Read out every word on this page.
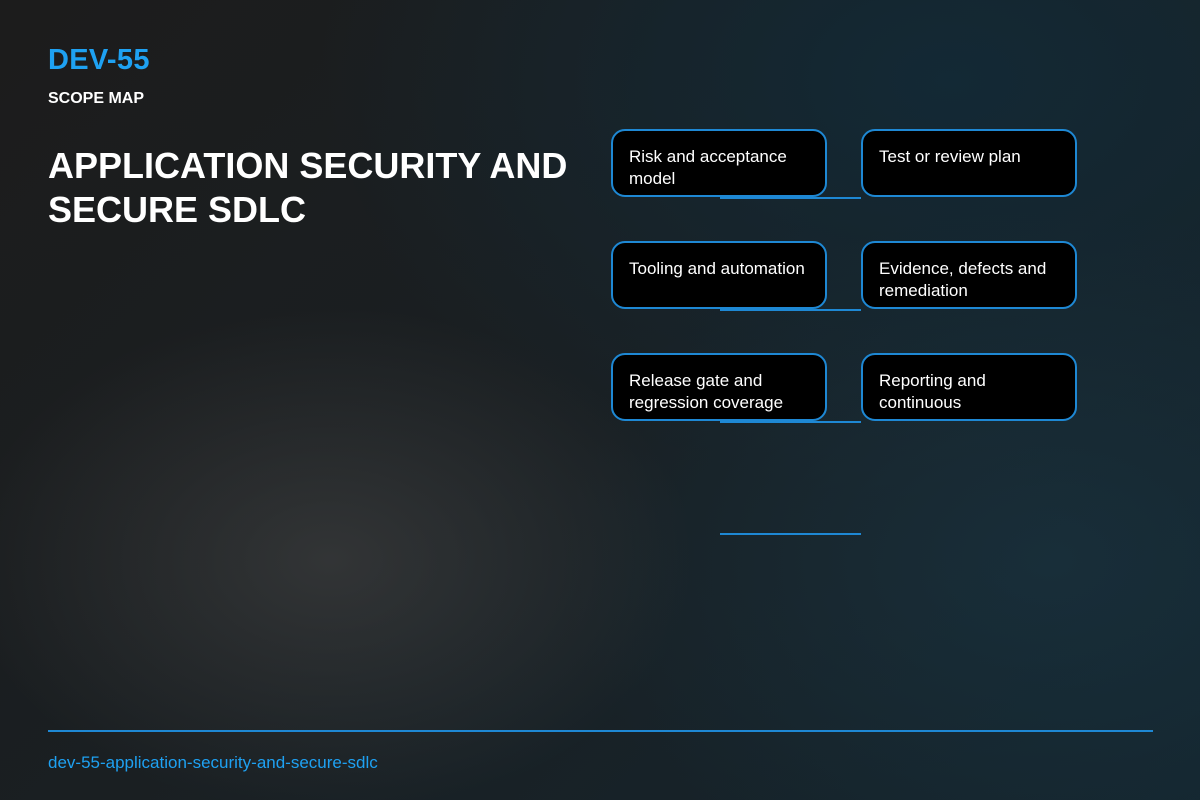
DEV-55
SCOPE MAP
APPLICATION SECURITY AND SECURE SDLC
Risk and acceptance model
Test or review plan
Tooling and automation	Evidence, defects and remediation
Release gate and regression coverage
Reporting and continuous
dev-55-application-security-and-secure-sdlc
